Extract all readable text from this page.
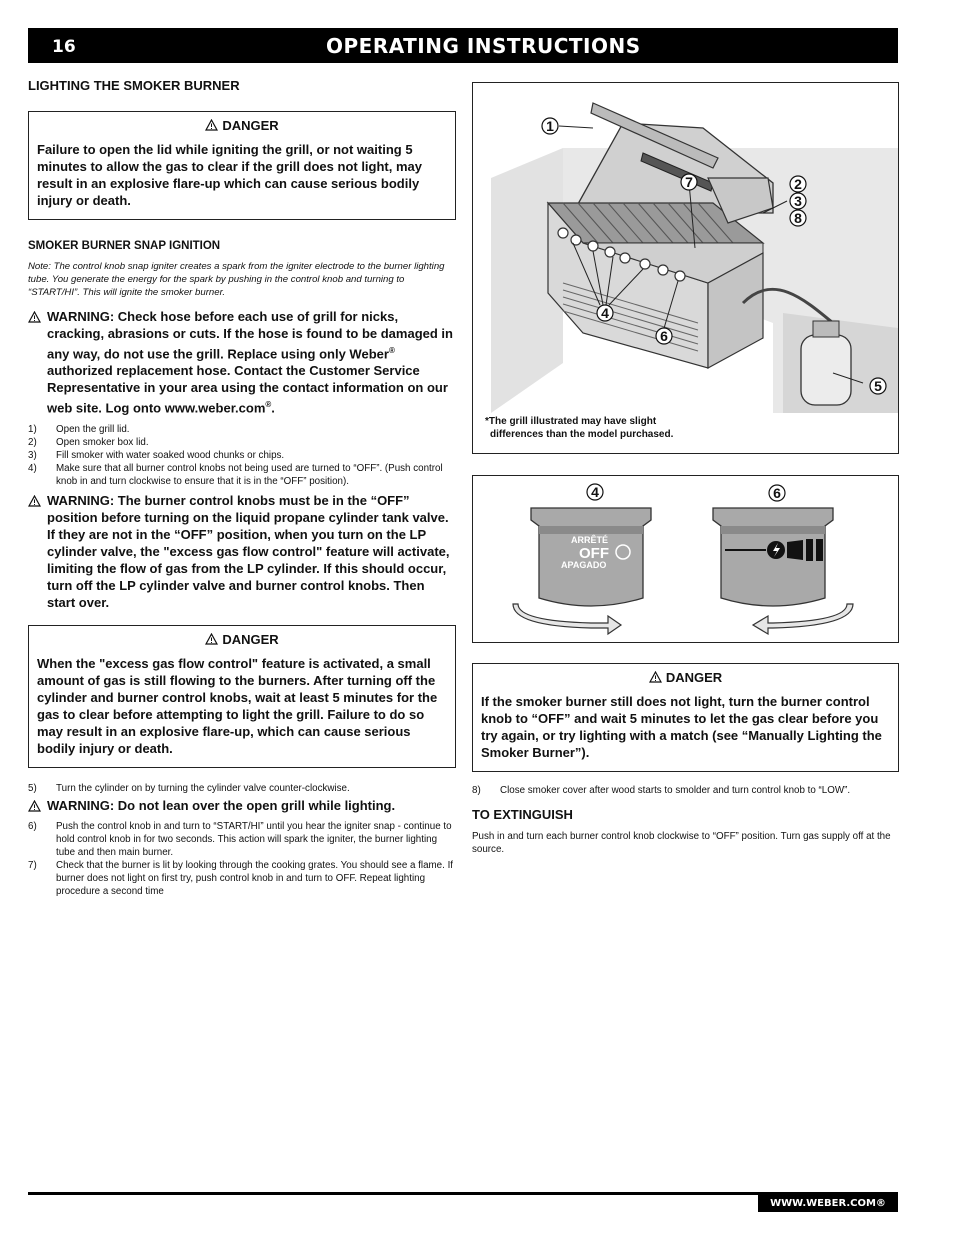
16	OPERATING INSTRUCTIONS
LIGHTING THE SMOKER BURNER
DANGER
Failure to open the lid while igniting the grill, or not waiting 5 minutes to allow the gas to clear if the grill does not light, may result in an explosive flare-up which can cause serious bodily injury or death.
SMOKER BURNER SNAP IGNITION
Note: The control knob snap igniter creates a spark from the igniter electrode to the burner lighting tube. You generate the energy for the spark by pushing in the control knob and turning to “START/HI”. This will ignite the smoker burner.
WARNING: Check hose before each use of grill for nicks, cracking, abrasions or cuts. If the hose is found to be damaged in any way, do not use the grill. Replace using only Weber® authorized replacement hose. Contact the Customer Service Representative in your area using the contact information on our web site. Log onto www.weber.com®.
1) Open the grill lid.
2) Open smoker box lid.
3) Fill smoker with water soaked wood chunks or chips.
4) Make sure that all burner control knobs not being used are turned to “OFF”. (Push control knob in and turn clockwise to ensure that it is in the “OFF” position).
WARNING: The burner control knobs must be in the “OFF” position before turning on the liquid propane cylinder tank valve. If they are not in the “OFF” position, when you turn on the LP cylinder valve, the "excess gas flow control" feature will activate, limiting the flow of gas from the LP cylinder. If this should occur, turn off the LP cylinder valve and burner control knobs. Then start over.
DANGER
When the "excess gas flow control" feature is activated, a small amount of gas is still flowing to the burners. After turning off the cylinder and burner control knobs, wait at least 5 minutes for the gas to clear before attempting to light the grill. Failure to do so may result in an explosive flare-up, which can cause serious bodily injury or death.
5) Turn the cylinder on by turning the cylinder valve counter-clockwise.
WARNING: Do not lean over the open grill while lighting.
6) Push the control knob in and turn to “START/HI” until you hear the igniter snap - continue to hold control knob in for two seconds. This action will spark the igniter, the burner lighting tube and then main burner.
7) Check that the burner is lit by looking through the cooking grates. You should see a flame. If burner does not light on first try, push control knob in and turn to OFF. Repeat lighting procedure a second time
1
7	2
3
8
4
6
5
*The grill illustrated may have slight
differences than the model purchased.
4	6
ARRÊTÉ
OFF
APAGADO
DANGER
If the smoker burner still does not light, turn the burner control knob to “OFF” and wait 5 minutes to let the gas clear before you try again, or try lighting with a match (see “Manually Lighting the Smoker Burner”).
8) Close smoker cover after wood starts to smolder and turn control knob to “LOW”.
TO EXTINGUISH
Push in and turn each burner control knob clockwise to “OFF” position. Turn gas supply off at the source.
WWW.WEBER.COM®
